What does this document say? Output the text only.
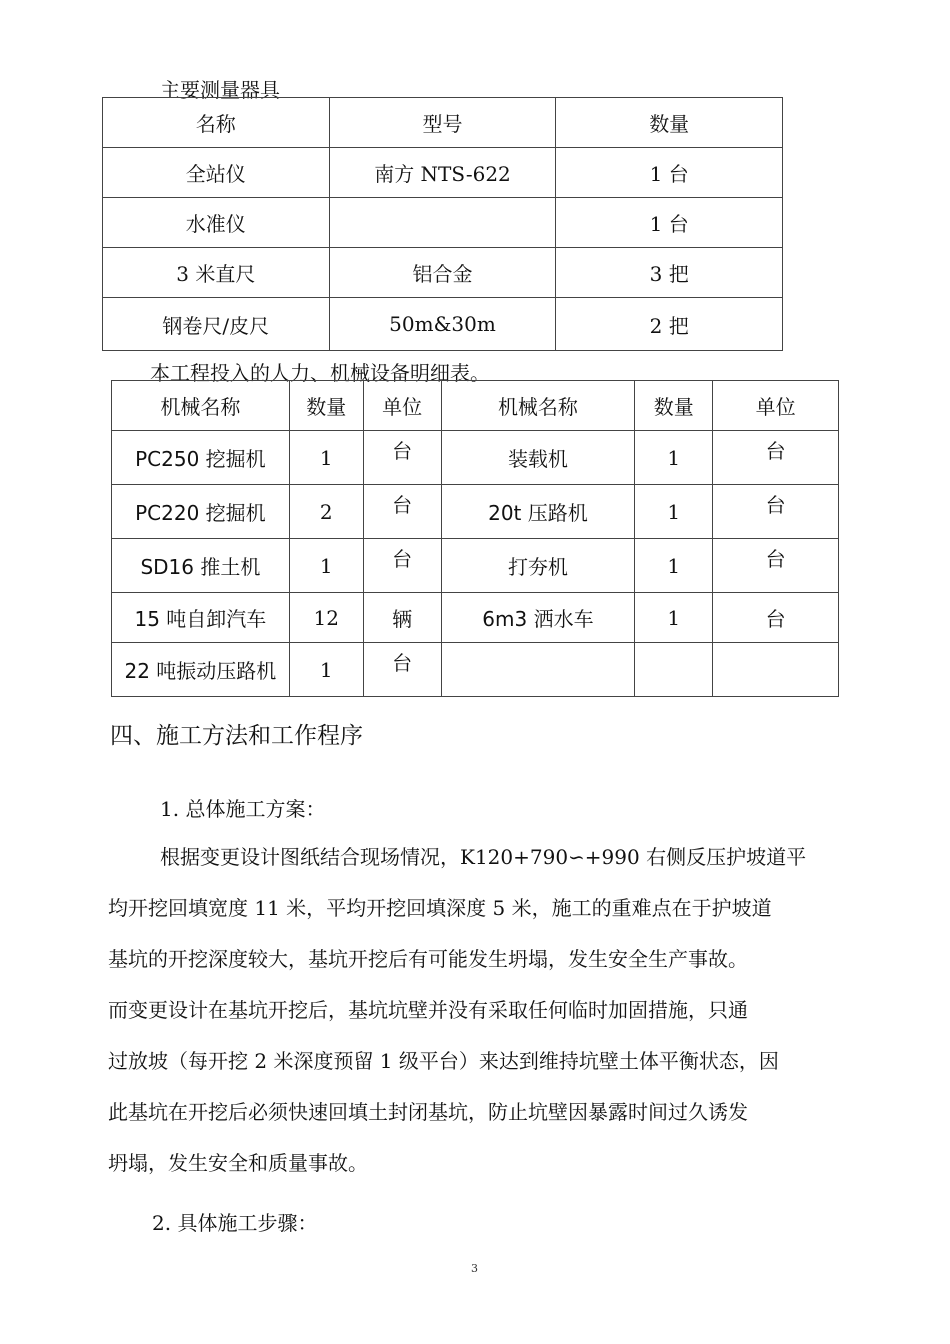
主要测量器具
名称	型号	数量
全站仪	南方 NTS-622	1 台
水准仪		1 台
3 米直尺	铝合金	3 把
钢卷尺/皮尺	50m&30m	2 把
本工程投入的人力、机械设备明细表。
机械名称	数量	单位	机械名称	数量	单位
PC250 挖掘机	1	台	装载机	1	台
PC220 挖掘机	2	台	20t 压路机	1	台
SD16 推土机	1	台	打夯机	1	台
15 吨自卸汽车	12	辆	6m3 洒水车	1	台
22 吨振动压路机	1	台			
四、施工方法和工作程序
1. 总体施工方案：
根据变更设计图纸结合现场情况，K120+790∽+990 右侧反压护坡道平
均开挖回填宽度 11 米，平均开挖回填深度 5 米，施工的重难点在于护坡道
基坑的开挖深度较大，基坑开挖后有可能发生坍塌，发生安全生产事故。
而变更设计在基坑开挖后，基坑坑壁并没有采取任何临时加固措施，只通
过放坡（每开挖 2 米深度预留 1 级平台）来达到维持坑壁土体平衡状态，因
此基坑在开挖后必须快速回填土封闭基坑，防止坑壁因暴露时间过久诱发
坍塌，发生安全和质量事故。
2. 具体施工步骤：
3
